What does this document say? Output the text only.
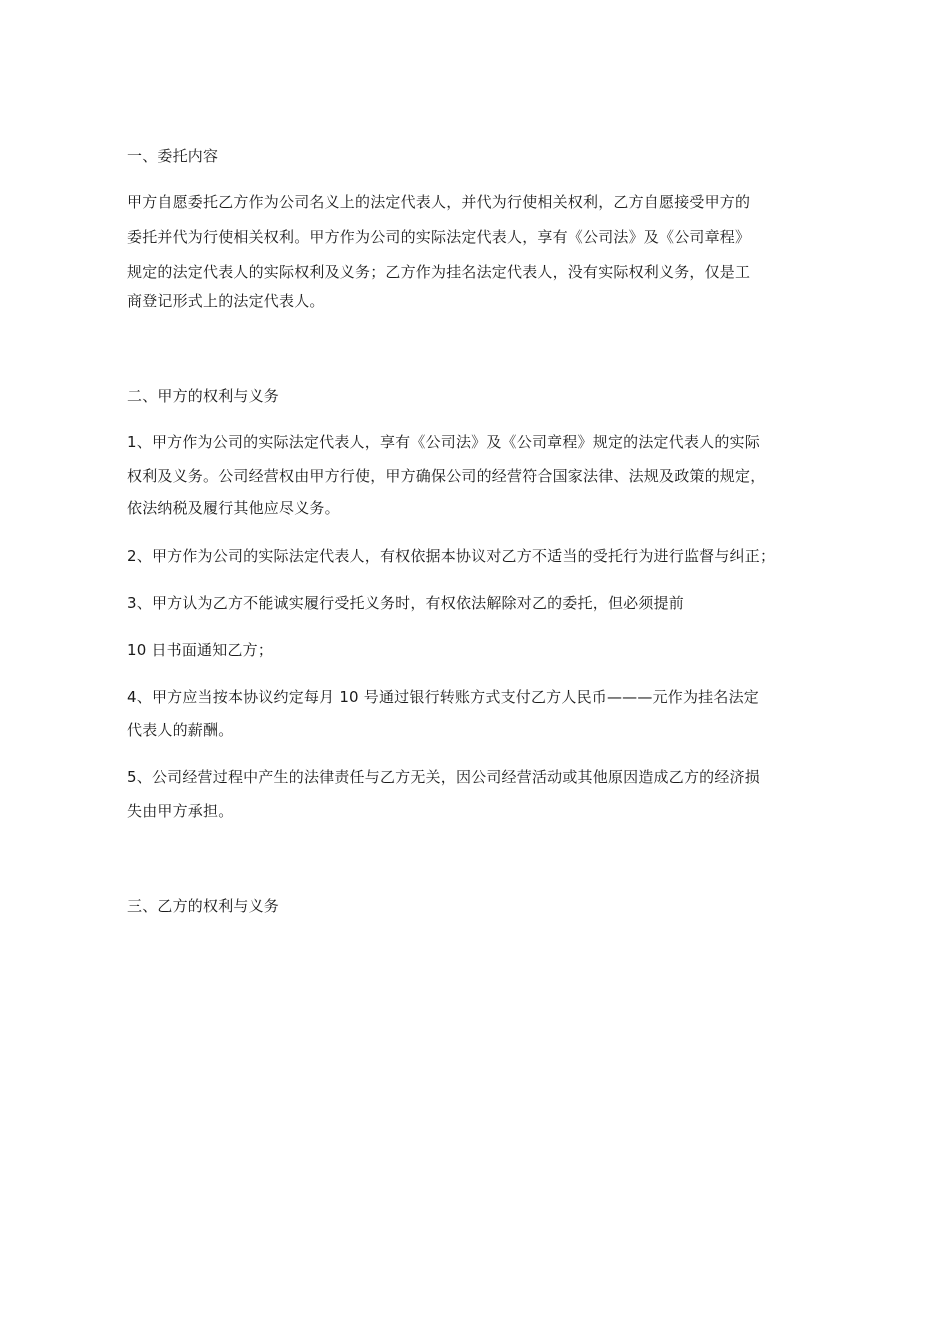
一、委托内容
甲方自愿委托乙方作为公司名义上的法定代表人，并代为行使相关权利，乙方自愿接受甲方的
委托并代为行使相关权利。甲方作为公司的实际法定代表人，享有《公司法》及《公司章程》
规定的法定代表人的实际权利及义务；乙方作为挂名法定代表人，没有实际权利义务，仅是工
商登记形式上的法定代表人。
二、甲方的权利与义务
1、甲方作为公司的实际法定代表人，享有《公司法》及《公司章程》规定的法定代表人的实际
权利及义务。公司经营权由甲方行使，甲方确保公司的经营符合国家法律、法规及政策的规定，
依法纳税及履行其他应尽义务。
2、甲方作为公司的实际法定代表人，有权依据本协议对乙方不适当的受托行为进行监督与纠正；
3、甲方认为乙方不能诚实履行受托义务时，有权依法解除对乙的委托，但必须提前
10 日书面通知乙方；
4、甲方应当按本协议约定每月 10 号通过银行转账方式支付乙方人民币———元作为挂名法定
代表人的薪酬。
5、公司经营过程中产生的法律责任与乙方无关，因公司经营活动或其他原因造成乙方的经济损
失由甲方承担。
三、乙方的权利与义务
